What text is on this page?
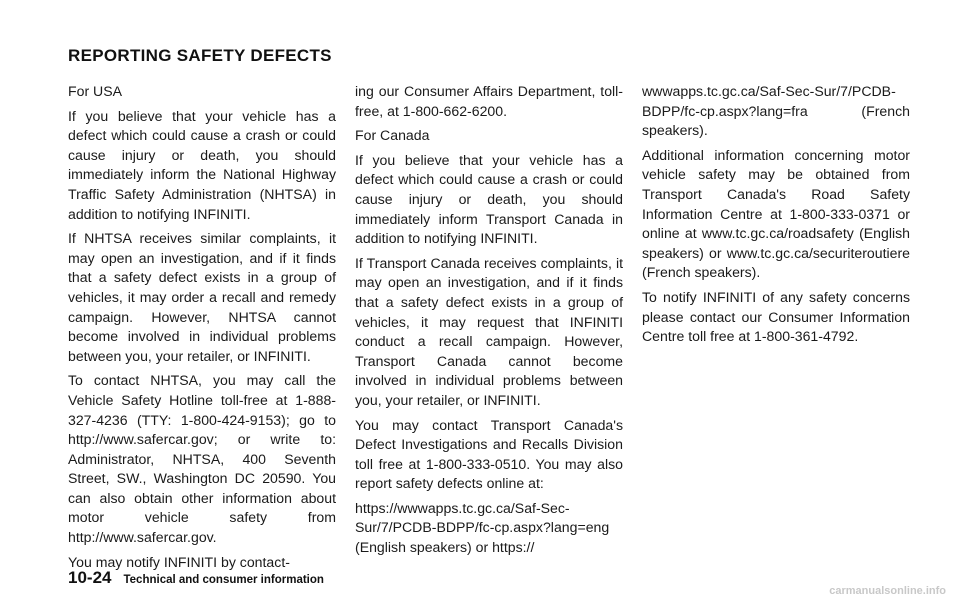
REPORTING SAFETY DEFECTS

For USA

If you believe that your vehicle has a defect which could cause a crash or could cause injury or death, you should immediately inform the National Highway Traffic Safety Administration (NHTSA) in addition to notifying INFINITI.

If NHTSA receives similar complaints, it may open an investigation, and if it finds that a safety defect exists in a group of vehicles, it may order a recall and remedy campaign. However, NHTSA cannot become involved in individual problems between you, your retailer, or INFINITI.

To contact NHTSA, you may call the Vehicle Safety Hotline toll-free at 1-888-327-4236 (TTY: 1-800-424-9153); go to http://www.safercar.gov; or write to: Administrator, NHTSA, 400 Seventh Street, SW., Washington DC 20590. You can also obtain other information about motor vehicle safety from http://www.safercar.gov.

You may notify INFINITI by contact-

ing our Consumer Affairs Department, toll-free, at 1-800-662-6200.

For Canada

If you believe that your vehicle has a defect which could cause a crash or could cause injury or death, you should immediately inform Transport Canada in addition to notifying INFINITI.

If Transport Canada receives complaints, it may open an investigation, and if it finds that a safety defect exists in a group of vehicles, it may request that INFINITI conduct a recall campaign. However, Transport Canada cannot become involved in individual problems between you, your retailer, or INFINITI.

You may contact Transport Canada's Defect Investigations and Recalls Division toll free at 1-800-333-0510. You may also report safety defects online at:

https://wwwapps.tc.gc.ca/Saf-Sec-Sur/7/PCDB-BDPP/fc-cp.aspx?lang=eng (English speakers) or https://

wwwapps.tc.gc.ca/Saf-Sec-Sur/7/PCDB-BDPP/fc-cp.aspx?lang=fra (French speakers).

Additional information concerning motor vehicle safety may be obtained from Transport Canada's Road Safety Information Centre at 1-800-333-0371 or online at www.tc.gc.ca/roadsafety (English speakers) or www.tc.gc.ca/securiteroutiere (French speakers).

To notify INFINITI of any safety concerns please contact our Consumer Information Centre toll free at 1-800-361-4792.

10-24 Technical and consumer information
carmanualsonline.info
